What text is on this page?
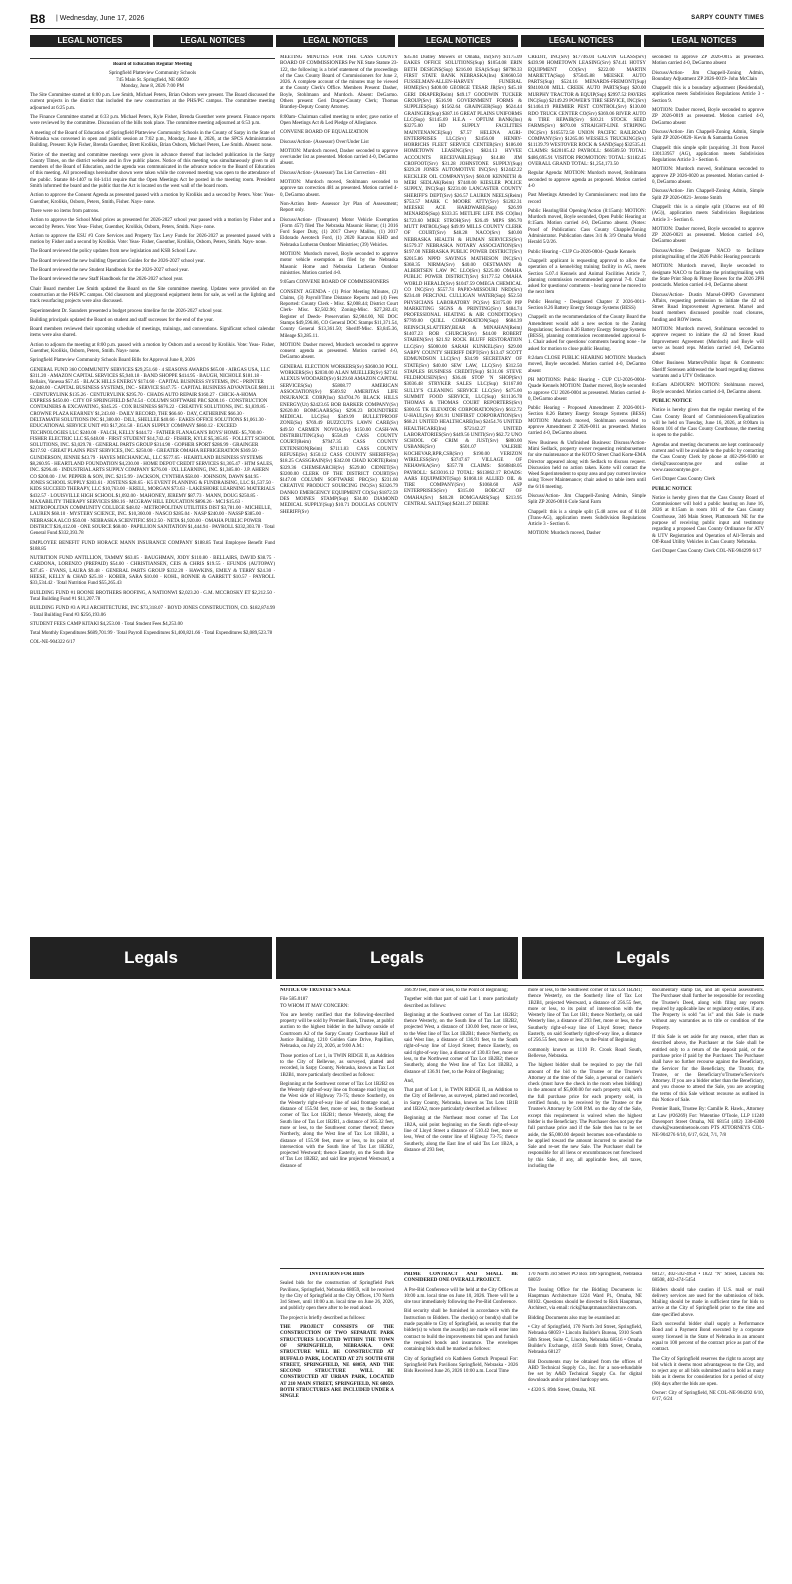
B8 | Wednesday, June 17, 2026	SARPY COUNTY TIMES
LEGAL NOTICES	LEGAL NOTICES	LEGAL NOTICES	LEGAL NOTICES	LEGAL NOTICES	LEGAL NOTICES

Board of Education Regular Meeting

Springfield Platteview Community Schools

745 Main St. Springfield, NE 68059

Monday, June 8, 2026 7:00 PM

The Site Committee started at 6:00 p.m. Lee Smith, Michael Peters, Brian Osborn were present. The Board discussed the current projects in the district that included the new construction at the PHS/PC campus. The committee meeting adjourned at 6:25 p.m.

The Finance Committee started at 6:33 p.m. Michael Peters, Kyle Fisher, Brenda Guenther were present. Finance reports were reviewed by the committee. Discussion of the bills took place. The committee meeting adjourned at 6:53 p.m.

A meeting of the Board of Education of Springfield Platteview Community Schools in the County of Sarpy in the State of Nebraska was convened in open and public session at 7:02 p.m., Monday, June 8, 2026, at the SPCS Administration Building. Present: Kyle Fisher, Brenda Guenther, Brett Krolikis, Brian Osborn, Michael Peters, Lee Smith. Absent: none.

Notice of the meeting and committee meetings were given in advance thereof that included publication in the Sarpy County Times, on the district website and in five public places. Notice of this meeting was simultaneously given to all members of the Board of Education, and the agenda was communicated in the advance notice to the Board of Education of this meeting. All proceedings hereinafter shown were taken while the convened meeting was open to the attendance of the public. Statute 84-1407 to 84-1414 require that the Open Meetings Act be posted in the meeting room. President Smith informed the board and the public that the Act is located on the west wall of the board room.

Action to approve the Consent Agenda as presented passed with a motion by Krolikis and a second by Peters. Vote: Yeas- Guenther, Krolikis, Osborn, Peters, Smith, Fisher. Nays- none.

There were no items from patrons.

Action to approve the School Meal prices as presented for 2026-2027 school year passed with a motion by Fisher and a second by Peters. Vote: Yeas- Fisher, Guenther, Krolikis, Osborn, Peters, Smith. Nays- none.

Action to approve the ESU #3 Core Services and Property Tax Levy Funds for 2026-2027 as presented passed with a motion by Fisher and a second by Krolikis. Vote: Yeas- Fisher, Guenther, Krolikis, Osborn, Peters, Smith. Nays- none.

The Board reviewed the policy updates from new legislation and KSB School Law.

The Board reviewed the new building Operation Guides for the 2026-2027 school year.

The Board reviewed the new Student Handbook for the 2026-2027 school year.

The Board reviewed the new Staff Handbook for the 2026-2027 school year.

Chair Board member Lee Smith updated the Board on the Site committee meeting. Updates were provided on the construction at the PHS/PC campus. Old classroom and playground equipment items for sale, as well as the lighting and track resurfacing projects were also discussed.

Superintendent Dr. Saunders presented a budget process timeline for the 2026-2027 school year.

Building principals updated the Board on student and staff successes for the end of the year.

Board members reviewed their upcoming schedule of meetings, trainings, and conventions. Significant school calendar items were also shared.

Action to adjourn the meeting at 8:00 p.m. passed with a motion by Osborn and a second by Krolikis. Vote: Yeas- Fisher, Guenther, Krolikis, Osborn, Peters, Smith. Nays- none.

Springfield Platteview Community Schools Board Bills for Approval June 8, 2026

GENERAL FUND 360 COMMUNITY SERVICES $29,251.60 · 4 SEASONS AWARDS $65.00 · AIRGAS USA, LLC $311.20 · AMAZON CAPITAL SERVICES $5,940.18 · BAND SHOPPE $414.95 · BAUGH, NICHOLE $181.18 · Bellairs, Vanessa $57.45 · BLACK HILLS ENERGY $174.60 · CAPITAL BUSINESS SYSTEMS, INC - PRINTER $2,048.00 · CAPITAL BUSINESS SYSTEMS, INC - SERVICE $147.75 · CAPITAL BUSINESS ADVANTAGE $801.11 · CENTURYLINK $135.26 · CENTURYLINK $295.70 · CHADS AUTO REPAIR $160.27 · CHICK-A-HOMA EXPRESS $450.00 · CITY OF SPRINGFIELD $474.54 · COLUMN SOFTWARE PBC $200.16 · CONSTRUCTION CONTAINERS & EXCAVATING, $345.25 · COX BUSINESS $676.22 · CREATIVE SOLUTIONS, INC. $1,839.85 · CROWNE PLAZA KEARNEY $1,243.60 · DAILY RECORD, THE $66.60 · DAY, CATHERINE $66.30 · DELTAMATH SOLUTIONS INC $1,380.00 · DILL, SHELLEE $40.66 · EAKES OFFICE SOLUTIONS $1,061.30 · EDUCATIONAL SERVICE UNIT #03 $17,261.58 · EGAN SUPPLY COMPANY $860.12 · EXCEED TECHNOLOGIES LLC $240.00 · FALCH, KELLY $444.72 · FATHER FLANAGAN'S BOYS' HOME- $5,700.00 · FISHER ELECTRIC LLC $5,648.00 · FIRST STUDENT $14,742.42 · FISHER, KYLE $5,365.85 · FOLLETT SCHOOL SOLUTIONS, INC. $3,029.78 · GENERAL PARTS GROUP $314.90 · GOPHER SPORT $286.99 · GRAINGER $217.92 · GREAT PLAINS PEST SERVICES, INC. $250.00 · GREATER OMAHA REFRIGERATION $369.50 · GUNDERSON, JENNIE $43.79 · HAYES MECHANICAL, LLC $577.65 · HEARTLAND BUSINESS SYSTEMS $8,260.95 · HEARTLAND FOUNDATION $4,230.00 · HOME DEPOT CREDIT SERVICES $1,305.47 · HTM SALES, INC. $296.46 · INDUSTRIAL ARTS SUPPLY COMPANY $276.00 · IXL LEARNING, INC. $1,385.00 · J.P. AHERN CO $200.00 · J.W. PEPPER & SON, INC. $215.99 · JACKSON, CYNTHIA $58.00 · JOHNSON, DAWN $44.95 · JONES SCHOOL SUPPLY $283.61 · JOSTENS $28.65 · K5 EVENT PLANNING & FUNDRAISING, LLC $1,537.50 · KIDS SUCCEED THERAPY, LLC $10,763.00 · KRELL, MORGAN $73.63 · LAKESHORE LEARNING MATERIALS $432.57 · LOUISVILLE HIGH SCHOOL $1,092.00 · MAHONEY, JEREMY $87.73 · MANN, DOUG $250.85 · MAXABILITY THERAPY SERVICES $98.16 · MCGRAW HILL EDUCATION $896.26 · MCI $15.63 · METROPOLITAN COMMUNITY COLLEGE $48.02 · METROPOLITAN UTILITIES DIST $3,781.00 · MICHELLE, LAUREN $68.10 · MYSTERY SCIENCE, INC. $10,360.00 · NASCO $285.04 · NASP $240.00 · NASSP $385.00 · NEBRASKA ALCO $50.00 · NEBRASKA SCIENTIFIC $912.50 · NETA $1,920.00 · OMAHA PUBLIC POWER DISTRICT $26,412.00 · ONE SOURCE $68.00 · PAPILLION SANITATION $1,444.94 · PAYROLL $332,303.78 · Total General Fund $332,393.78

EMPLOYEE BENEFIT FUND HORACE MANN INSURANCE COMPANY $188.85 Total Employee Benefit Fund $188.85

NUTRITION FUND ANTILLION, TAMMY $63.05 · BAUGHMAN, JODY $110.80 · BELLAIRS, DAVID $38.75 · CARDONA, LORENZO (PREPAID) $54.00 · CHRISTIANSEN, CEIS & CHRIS $19.55 · EFUNDS (AUTOPAY) $37.45 · EVANS, LAURA $9.48 · GENERAL PARTS GROUP $332.20 · HAWKINS, EMILY & TERRY $24.30 · HEESE, KELLY & CHAD $25.18 · KOBER, SARA $10.00 · KOHL, RONNIE & GARRETT $10.57 · PAYROLL $33,534.42 · Total Nutrition Fund $55,265.43

BUILDING FUND #1 BOONE BROTHERS ROOFING, A NATIONWI $2,023.20 · G.M. MCCROSKY ET $2,212.50 · Total Building Fund #1 $11,207.78

BUILDING FUND #3 A PLI ARCHITECTURE, INC $73,318.07 · BOYD JONES CONSTRUCTION, CO. $182,874.99 · Total Building Fund #3 $256,193.06

STUDENT FEES CAMP KITAKI $4,253.00 · Total Student Fees $4,253.00

Total Monthly Expenditures $689,701.99 · Total Payroll Expenditures $1,400,821.66 · Total Expenditures $2,089,523.78

COL-NE-904322 6/17

MEETING MINUTES FOR THE CASS COUNTY BOARD OF COMMISSIONERS Per NE State Statute 23-122, the following is a brief statement of the proceedings of the Cass County Board of Commissioners for June 2, 2026. A complete account of the minutes may be viewed at the County Clerk's Office. Members Present: Dasher, Boyle, Stohlmann and Murdoch. Absent: DeGarmo. Others present: Geri Draper-County Clerk; Thomas Brantley-Deputy County Attorney.

8:00am- Chairman called meeting to order; gave notice of Open Meetings Act & Led Pledge of Allegiance.

CONVENE BOARD OF EQUALIZATION

Discuss/Action- (Assessor) Over/Under List

MOTION: Murdoch moved, Dasher seconded to approve over/under list as presented. Motion carried 4-0, DeGarmo absent.

Discuss/Action- (Assessor) Tax List Correction - 481

MOTION: Murdoch moved, Stohlmann seconded to approve tax correction 481 as presented. Motion carried 4-0, DeGarmo absent.

Non-Action Item- Assessor 3yr Plan of Assessment; Report only.

Discuss/Action- (Treasurer) Motor Vehicle Exemption (Form 457) filed The Nebraska Masonic Home; (1) 2016 Ford Super Duty, (1) 2017 Chevy Malibu, (1) 2017 Eldorado Aerotech Ford, (1) 2020 Karavan KHD and Nebraska Lutheran Outdoor Ministries; (39) Vehicles.

MOTION: Murdoch moved, Boyle seconded to approve motor vehicle exemption as filed by the Nebraska Masonic Home and Nebraska Lutheran Outdoor ministries. Motion carried 4-0.

9:05am CONVENE BOARD OF COMMISSIONERS

CONSENT AGENDA - (1) Prior Meeting Minutes, (2) Claims, (3) Payroll/Time Distance Reports and (4) Fees Reported: County Clerk - Misc. $2,008.44; District Court Clerk- Misc. $2,502.96; Zoning-Misc. $27,282.43; Register of Deeds- Preservation $2,984.00, NE DOC Stamps $49,596.86, CO General DOC Stamps $11,371.54, County General $13,361.50; Sheriff-Misc. $3,845.36, Mileage $3,285.11.

MOTION: Dasher moved, Murdoch seconded to approve consent agenda as presented. Motion carried 4-0, DeGarmo absent.

GENERAL ELECTION WORKERS(Sv) $3600.30 POLL WORKERS(Sv) $2030.00 ALAN MUELLER(Sv) $27.61 ALEXUS WOODARD(Sv) $129.60 AMAZON CAPITAL SERVICES(Su) $5808.77 AMERICAN ASSOCIATION(Sv) $569.92 AMERITAS LIFE INSURANCE CORP(Ins) $34704.76 BLACK HILLS ENERGY(Ut) $2423.65 BOB BARKER COMPANY(Sv) $2620.00 BOMGAARS(Su) $296.23 BOUNDTREE MEDICAL LLC(Su) $349.99 BULLETPROOF ZONE(Su) $769.49 BUZZCUTS LAWN CARE(Sv) $49.50 CARMEN NOVOA(Sv) $150.00 CASH-WA DISTRIBUTING(Su) $558.49 CASS COUNTY COURT(Reim) $7947.35 CASS COUNTY EXTENSION(Reim) $7111.83 CASS COUNTY REFUSE(Sv) $150.12 CASS COUNTY SHERIFF(Sv) $18.25 CASSGRAIN(Sv) $342.00 CHAD KORTE(Reim) $329.36 CHEMSEARCH(Sv) $529.80 CIDNET(Sv) $3200.00 CLERK OF THE DISTRICT COURT(Sv) $147.00 COLUMN SOFTWARE PBC(Sv) $231.60 CREATIVE PRODUCT SOURCING INC(Sv) $3326.79 DANKO EMERGENCY EQUIPMENT CO(Su) $1872.59 DES MOINES STAMP(Sup) $34.00 DIAMOND MEDICAL SUPPLY(Sup) $10.71 DOUGLAS COUNTY SHERIFF(Sv)

$35.04 Dudley Mowers of Omaha, Inc(Srv) $1175.09 EAKES OFFICE SOLUTIONS(Sup) $1054.08 ERIN BETH DESIGNS(Sup) $216.00 ESA(S/Sup) $8798.33 FIRST STATE BANK NEBRASKA(Ins) $36660.50 FUSSELMAN-ALLEN-HARVEY FUNERAL HOME(Srv) $400.00 GEORGE TESAR JR(Srv) $45.18 GERI DRAPER(Reim) $49.17 GOODWIN TUCKER GROUP(Srv) $516.90 GOVERNMENT FORMS & SUPPLIES(Sup) $1562.64 GRAINGER(Sup) $624.44 GRAINGER(Sup) $387.16 GREAT PLAINS UNIFORMS LLC(Sup) $1145.69 H.E.A - OPTUM BANK(Ins) $3275.00 HD SUPPLY FACILITIES MAINTENANCE(Sup) $7.57 HELENA AGRI-ENTERPRISES LLC(Srv) $2456.00 HENRY-HORRICHS FLEET SERVICE CENTER(Srv) $186.00 HOMETOWN LEASING(Srv) $824.13 HYVEE ACCOUNTS RECEIVABLE(Sup) $14.88 JIM CROFOOT(Srv) $31.28 JOHNSTONE SUPPLY(Sup) $329.20 JONES AUTOMOTIVE INC(Srv) $12442.22 KECKLER OIL COMPANY(Srv) $60.00 KENNETH & MERI SEDLAK(Reim) $7440.00 KIESLER POLICE SUPPLY, INC(Sup) $2231.00 LANCASTER COUNTY SHERIFF'S DEPT(Srv) $26.57 LAUREN NEELS(Reim) $753.57 MARK C MOORE ATTY(Srv) $1202.31 MEESKE ACE HARDWARE(Sup) $26.99 MENARDS(Sup) $333.35 METLIFE LIFE INS CO(Ins) $1723.60 MIKE STROH(Srv) $26.49 MIPS $96.70 MUTT PATROL(Sup) $49.99 MILLS COUNTY CLERK OF COURT(Srv) $48.28 NACO(Srv) $40.00 NEBRASKA HEALTH & HUMAN SERVICES(Srv) $1579.37 NEBRASKA NOTARY ASSOCIATION(Srv) $197.00 NEBRASKA PUBLIC POWER DISTRICT(Srv) $2015.86 NPPD SAVINGS MATHESON INC(Srv) $368.35 NIRMA(Srv) $40.00 OESTMANN & ALBERTSEN LAW PC LLO(Srv) $225.00 OMAHA PUBLIC POWER DISTRICT(Srv) $1177.52 OMAHA WORLD HERALD(Srv) $1047.59 OMEGA CHEMICAL CO INC(Srv) $557.74 PAPIO-MISSOURI NRD(Srv) $234.40 PERCIVAL CULLIGAN WATER(Sup) $52.50 PHYSICIANS LABORATORY PC(Srv) $3175.00 PIP MARKETING SIGNS & PRINTING(Srv) $484.74 PROFESSIONAL HEATING & AIR CONDITIO(Srv) $7769.00 QUILL CORPORATION(Sup) $684.39 REINSCH,SLATTERY,BEAR & MINAHAN(Reim) $1407.23 ROB CHURCH(Srv) $44.00 ROBERT STABEN(Srv) $21.92 ROCK BLUFF RESTORATION LLC(Srv) $5000.00 SARAH KUNKEL(Srv) $29.00 SARPY COUNTY SHERIFF DEPT(Srv) $13.47 SCOTT EDMUNDSON LLC(Srv) $34.99 SECRETARY OF STATE(Srv) $40.00 SEW LAW, LLC(Srv) $312.50 STAPLES BUSINESS CREDIT(Sup) $131.06 STEVE FELDHOUSEN(Srv) $36.46 STOP 'N SHOP(Srv) $3036.48 STRYKER SALES LLC(Sup) $1167.80 SULLY'S CLEANING SERVICE LLC(Srv) $475.00 SUMMIT FOOD SERVICE, LLC(Sup) $11136.78 THOMAS & THOMAS COURT REPORTERS(Srv) $300.65 TK ELEVATOR CORPORATION(Srv) $612.72 U-HAUL(Srv) $91.91 UNIFIRST CORPORATION(Srv) $68.21 UNITED HEALTHCARE(Ins) $2454.76 UNITED HEALTHCARE(Ins) $72142.27 UNITED LABORATORIES(Srv) $449.56 UNITI(Srv) $62.72 UNO SCHOOL OF CRIM & JUST(Srv) $800.00 USBANK(Srv) $501.07 VALERIE KOCHEVAR,RPR,CSR(Srv) $190.00 VERIZON WIRELESS(Srv) $3747.67 VILLAGE OF NEHAWKA(Srv) $357.78 CLAIMS: $160848.05 PAYROLL: $433016.12 TOTAL: $613862.17 ROADS: AARS EQUIPMENT(Sup) $1060.18 ALLIED OIL & TIRE COMPANY(Srv) $1068.60 ASP ENTERPRISES(Srv) $315.00 BOBCAT OF OMAHA(Srv) $40.28 BOMGAARS(Sup) $213.95 CENTRAL SALT(Sup) $4241.27 DEERE

CREDIT, INC(Srv) $17746.04 GALVIN GLASS(Srv) $439.90 HOMETOWN LEASING(Srv) $74.41 HOTSY EQUIPMENT CO(Srv) $222.00 MARTIN MARIETTA(Sup) $75045.88 MEESKE AUTO PARTS(Sup) $524.16 MENARDS-FREMONT(Sup) $94100.00 MILL CREEK AUTO PARTS(Sup) $20.00 MURPHY TRACTOR & EQUIP(Sup) $2997.52 PAVERS INC(Sup) $2149.29 POWER'S TIRE SERVICE, INC(Srv) $11464.19 PREMIER PEST CONTROL(Srv) $130.00 RDO TRUCK CENTER CO(Srv) $369.06 RIVER AUTO & TIRE REPAIR(Srv) $10.21 STOCK SEED FARMS(Srv) $870.00 STRAIGHT-LINE STRIPING INC(Srv) $165572.50 UNION PACIFIC RAILROAD COMPANY(Srv) $1265.06 WESSELS TRUCKING(Srv) $11139.79 WESTOVER ROCK & SAND(Sup) $32535.41 CLAIMS: $420105.42 PAYROLL: $66589.50 TOTAL: $486,695.91 VISITOR PROMOTION: TOTAL: $1182.45 OVERALL GRAND TOTAL: $1,254,173.50

Regular Agenda: MOTION: Murdoch moved, Stohlmann seconded to approve agenda as proposed. Motion carried 4-0

Past Meetings Attended by Commissioners: read into the record

Public Hearing/Bid Opening/Action (8:15am): MOTION: Murdoch moved, Boyle seconded, Open Public Hearing at 8:15am. Motion carried 4-0, DeGarmo absent. (Notes: Proof of Publication: Cass County Chapple/Zoning Administrator. Publication dates 3/4 & 3/9 Omaha World Herald 5/2/26.

Public Hearing - CUP Cu-2026-0004- Quade Kennels

Chappell: applicant is requesting approval to allow the operation of a kennel/dog training facility in AG, meets Section 5.07.4 Kennels and Animal Facilities Article 7, planning commission recommended approval 7-0. Chair asked for questions/ comments - hearing none he moved to the next item

Public Hearing - Designated Chapter Z 2026-0011- Section 8.26 Battery Energy Storage Systems (BESS)

Chappell: on the recommendation of the County Board the Amendment would add a new section to the Zoning Regulations; Section 8.26 Battery Energy Storage Systems (BESS), planning commission recommended approval 6-1. Chair asked for questions/ comments hearing none - he asked for motion to close public Hearing.

8:24am CLOSE PUBLIC HEARING MOTION: Murdoch moved, Boyle seconded. Motion carried 4-0, DeGarmo absent

PH MOTIONS: Public Hearing - CUP CU-2026-0004- Quade Kennels MOTION: Dasher moved, Boyle seconded to approve CU 2026-0004 as presented. Motion carried 4-0, DeGarmo absent

Public Hearing - Proposed Amendment Z 2026-0011- Section 8.26 Battery Energy Storage Systems (BESS) MOTION: Murdoch moved, Stohlmann seconded to approve Amendment Z 2026-0011 as presented. Motion carried 4-0, DeGarmo absent.

New Business & Unfinished Business: Discuss/Action- Mimi Sedlack, property owner requesting reimbursement for site maintenance at the KOTO Street Chad Korte-EMA Director appeared along with Sedlack to discuss request. Discussion held no action taken. Korte will contact the Weed Superintendent to spray area and pay current invoice using Tower Maintenance; chair asked to table item until the 6/16 meeting.

Discuss/Action- Jim Chappell-Zoning Admin, Simple Split ZP 2026-0016 Cole Sand Farm

Chappell: this is a simple split (5.48 acres out of 61.08 (Trans-AG), application meets Subdivision Regulations Article 3 - Section 6.

MOTION: Murdoch moved, Dasher

seconded to approve ZP 2026-0015 as presented. Motion carried 4-0, DeGarmo absent

Discuss/Action- Jim Chappell-Zoning Admin, Boundary Adjustment ZP 2026-0019- John McClain

Chappell: this is a boundary adjustment (Residential), application meets Subdivision Regulations Article 3 - Section 9.

MOTION: Dasher moved, Boyle seconded to approve ZP 2026-0019 as presented. Motion carried 4-0, DeGarmo absent

Discuss/Action- Jim Chappell-Zoning Admin, Simple Split ZP 2026-0020- Kevin & Samantha Gorsen

Chappell: this simple split (acquiring .31 from Parcel 130133957 (AG), application meets Subdivision Regulations Article 3 - Section 6.

MOTION: Murdoch moved, Stohlmann seconded to approve ZP 2026-0020 as presented. Motion carried 4-0, DeGarmo absent.

Discuss/Action- Jim Chappell-Zoning Admin, Simple Split ZP 2026-0021- Jerome Smith

Chappell: this is a simple split (10acres out of 80 (AG)), application meets Subdivision Regulations Article 3 - Section 6.

MOTION: Dasher moved, Boyle seconded to approve ZP 2026-0021 as presented. Motion carried 4-0, DeGarmo absent

Discuss/Action- Designate NACO to facilitate printing/mailing of the 2026 Public Hearing postcards

MOTION: Murdoch moved, Boyle seconded to designate NACO to facilitate the printing/mailing with the State Print Shop & Pitney Bowes for the 2026 2PH postcards. Motion carried 4-0, DeGarmo absent

Discuss/Action- Dustin Marsel-OPPD Government Affairs, requesting permission to initiate the 42 nd Street Road Improvement Agreement. Marsel and board members discussed possible road closures, funding and ROW items.

MOTION: Murdoch moved, Stohlmann seconded to approve request to initiate the 42 nd Street Road Improvement Agreement (Murdoch) and Boyle will serve as board reps. Motion carried 4-0, DeGarmo absent

Other Business Matters/Public Input & Comments: Sheriff Sorensen addressed the board regarding distress warrants and a UTV Ordinance.

8:45am ADJOURN: MOTION: Stohlmann moved, Boyle seconded. Motion carried 4-0, DeGarmo absent.

PUBLIC NOTICE

Notice is hereby given that the regular meeting of the Cass County Board of Commissioners/Equalization will be held on Tuesday, June 16, 2026, at 8:00am in Room 101 of the Cass County Courthouse, the meeting is open to the public.

Agendas and meeting documents are kept continuously current and will be available to the public by contacting the Cass County Clerk by phone at 402-296-9300 or clerk@casscountyne.gov and online at www.casscountyne.gov .

Geri Draper Cass County Clerk

PUBLIC NOTICE

Notice is hereby given that the Cass County Board of Commissioner will hold a public hearing on June 16, 2026 at 8:15am in room 101 of the Cass County Courthouse, 346 Main Street, Plattsmouth NE for the purpose of receiving public input and testimony regarding a proposed Cass County Ordinance for ATV & UTV Registration and Operation of All-Terrain and Off-Road Utility Vehicles in Cass County Nebraska.

Geri Draper Cass County Clerk COL-NE-904299 6/17

Legals	Legals	Legals

NOTICE OF TRUSTEE'S SALE

File 585.0187

TO WHOM IT MAY CONCERN:

You are hereby notified that the following-described property will be sold by Premier Bank, Trustee, at public auction to the highest bidder in the hallway outside of Courtroom A2 of the Sarpy County Courthouse Hall of Justice Building, 1210 Golden Gate Drive, Papillion, Nebraska, on July 23, 2026, at 9:00 A.M.:

Those portion of Lot 1, in TWIN RIDGE II, an Addition to the City of Bellevue, as surveyed, platted and recorded, in Sarpy County, Nebraska, known as Tax Lot 1B2B1, more particularly described as follows:

Beginning at the Southwest corner of Tax Lot 1B2B2 on the Westerly right-of-way line on frontage road lying on the West side of Highway 73-75; thence Southerly, on the Westerly right-of-way line of said frontage road, a distance of 155.94 feet, more or less, to the Southeast corner of Tax Lot 1B2B1; thence Westerly, along the South line of Tax Lot 1B2B1, a distance of 365.32 feet, more or less, to the Southwest corner thereof; thence Northerly, along the West line of Tax Lot 1B2B1, a distance of 155.90 feet, more or less, to its point of intersection with the South line of Tax Lot 1B2B2, projected Westward; thence Easterly, on the South line of Tax Lot 1B2B2, and said line projected Westward, a distance of

366.99 feet, more or less, to the Point of Beginning;

Together with that part of said Lot 1 more particularly described as follows:

Beginning at the Southwest corner of Tax Lot 1B2B2; thence Westerly, on the South line of Tax Lot 1B2B2, projected West, a distance of 130.00 feet, more or less, to the West line of Tax Lot 1B2B1; thence Northerly, on said West line, a distance of 136.91 feet, to the South right-of-way line of Lloyd Street; thence Easterly, on said right-of-way line, a distance of 130.03 feet, more or less, to the Northwest corner of Tax Lot 1B2B2; thence Southerly, along the West line of Tax Lot 1B2B2, a distance of 136.91 feet, to the Point of Beginning;

And,

That part of Lot 1, in TWIN RIDGE II, an Addition to the City of Bellevue, as surveyed, platted and recorded, in Sarpy County, Nebraska, known as Tax Lots 1B1B and 1B2A2, more particularly described as follows:

Beginning at the Northeast most corner of Tax Lot 1B2A, said point beginning on the South right-of-way line of Lloyd Street a distance of 510.42 feet, more or less, West of the center line of Highway 73-75; thence Southerly, along the East line of said Tax Lot 1B2A, a distance of 293 feet,

more or less, to the Southwest corner of Tax Lot 1B2B1; thence Westerly, on the Southerly line of Tax Lot 1B2B1, projected Westward, a distance of 256.55 feet, more or less, to its point of intersection with the Westerly line of Tax Lot 1B1; thence Northerly, on said Westerly line, a distance of 293 feet, more or less, to the Southerly right-of-way line of Lloyd Street; thence Easterly, on said Southerly right-of-way line, a distance of 256.55 feet, more or less, to the Point of Beginning

commonly known as 1110 Ft. Crook Road South, Bellevue, Nebraska.

The highest bidder shall be required to pay the full amount of the bid to the Trustee or the Trustee's Attorney at the time of the Sale, a personal or cashier's check (must have the check in the room when bidding) in the amount of $5,000.00 for each property sold, with the full purchase price for each property sold, in certified funds, to be received by the Trustee or the Trustee's Attorney by 5:00 P.M. on the day of the Sale, except this requirement is waived when the highest bidder is the Beneficiary. The Purchaser does not pay the full purchase price and if the Sale then has to be set aside, the $5,000.00 deposit becomes non-refundable to be applied toward the amount incurred to unwind the Sale and re-set the new Sale. The Purchaser shall be responsible for all liens or encumbrances not foreclosed by this Sale, if any, all applicable fees, all taxes, including the

documentary stamp tax, and all special assessments. The Purchaser shall further be responsible for recording the Trustee's Deed, along with filing any reports required by applicable law or regulatory entities, if any. The Property is sold "as is" and this Sale is made without any warranties as to title or condition of the Property.

If this Sale is set aside for any reason, other than as described above, the Purchaser at the Sale shall be entitled only to a return of the deposit paid, or the purchase price if paid by the Purchaser. The Purchaser shall have no further recourse against the Beneficiary, the Servicer for the Beneficiary, the Trustor, the Trustee, or the Beneficiary's/Trustee's/Servicer's Attorney. If you are a bidder other than the Beneficiary, and you choose to attend the Sale, you are accepting the terms of this Sale without recourse as outlined in this Notice of Sale.

Premier Bank, Trustee By: Camille R. Hawk., Attorney at Law (#26269) For: Watentine O'Toole, LLP 11240 Davenport Street Omaha, NE 68154 (402) 330-6300 chawk@watentinetoole.com PTS ATTORNEYS COL-NE-904276 6/10, 6/17, 6/24, 7/1, 7/8

INVITATION FOR BIDS

Sealed bids for the construction of Springfield Park Pavilions, Springfield, Nebraska 68059, will be received by the City of Springfield at the City Offices, 170 North 3rd Street, until 10:00 a.m. local time on June 26, 2026, and publicly open there after to be read aloud.

The project is briefly described as follows:

THE PROJECT CONSISTS OF THE CONSTRUCTION OF TWO SEPARATE PARK STRUCTURES LOCATED WITHIN THE TOWN OF SPRINGFIELD, NEBRASKA. ONE STRUCTURE WILL BE CONSTRUCTED AT BUFFALO PARK, LOCATED AT 271 SOUTH 6TH STREET, SPRINGFIELD, NE 68059, AND THE SECOND STRUCTURE WILL BE CONSTRUCTED AT URBAN PARK, LOCATED AT 210 MAIN STREET, SPRINGFIELD, NE 68059. BOTH STRUCTURES ARE INCLUDED UNDER A SINGLE

PRIME CONTRACT AND SHALL BE CONSIDERED ONE OVERALL PROJECT.

A Pre-Bid Conference will be held at the City Offices at 10:00 a.m. local time on June 10, 2026. There will be a site tour immediately following the Pre-Bid Conference.

Bid security shall be furnished in accordance with the Instruction to Bidders. The check(s) or bond(s) shall be made payable to City of Springfield, as security that the bidder(s) to whom the award(s) are made will enter into contract to build the improvements bid upon and furnish the required bonds and insurance. The envelopes containing bids shall be marked as follows:

City of Springfield c/o Kathleen Gottsch Proposal For: Springfield Park Pavilions Springfield, Nebraska - 2026 Bids Received June 26, 2026 10:00 a.m. Local Time

170 North 3rd Street PO Box 189 Springfield, Nebraska 68059

The Issuing Office for the Bidding Documents is: Hauptman Architecture 1224 Ward Pl., Omaha, NE 68102. Questions should be directed to Rick Hauptman, Architect, via email: rick@hauptmanarchitecture.com.

Bidding Documents also may be examined at:

• City of Springfield, 170 North 3rd Street, Springfield, Nebraska 68059 • Lincoln Builder's Bureau, 5910 South 58th Street, Suite C, Lincoln, Nebraska 68516 • Omaha Builder's Exchange, 4159 South 84th Street, Omaha, Nebraska 68127

Bid Documents may be obtained from the offices of ABD Technical Supply Co., Inc. for a non-refundable fee set by A&D Technical Supply Co. for digital downloads and/or printed hardcopy sets.

• 4320 S. 89th Street, Omaha, NE

68127, 402-592-4950 • 1822 "N" Street, Lincoln NE 68508, 402-474-5454

Bidders should take caution if U.S. mail or mail delivery services are used for the submission of bids. Mailing should be made in sufficient time for bids to arrive at the City of Springfield prior to the time and date specified above.

Each successful bidder shall supply a Performance Bond and a Payment Bond executed by a corporate surety licensed in the State of Nebraska in an amount equal to 100 percent of the contract price as part of the contract.

The City of Springfield reserves the right to accept any bid which it deems most advantageous to the City, and to reject any or all bids submitted and to hold as many bids as it deems for consideration for a period of sixty (60) days after the bids are open.

Owner: City of Springfield, NE COL-NE-904292 6/10, 6/17, 6/24
